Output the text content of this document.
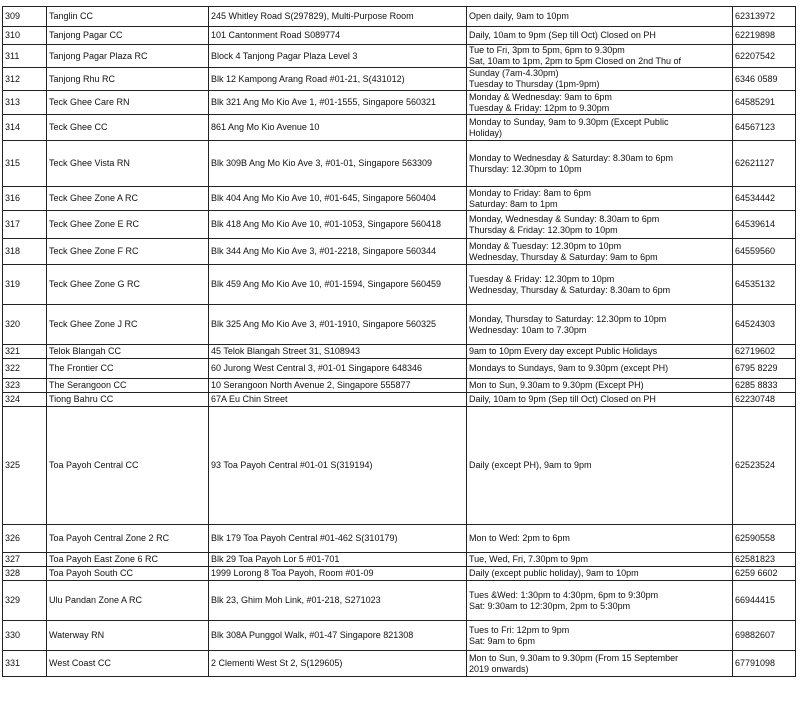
309	Tanglin CC	245 Whitley Road S(297829), Multi-Purpose Room	Open daily, 9am to 10pm	62313972
310	Tanjong Pagar CC	101 Cantonment Road S089774	Daily, 10am to 9pm (Sep till Oct) Closed on PH	62219898
311	Tanjong Pagar Plaza RC	Block 4 Tanjong Pagar Plaza Level 3	Tue to Fri, 3pm to 5pm, 6pm to 9.30pm
Sat, 10am to 1pm, 2pm to 5pm Closed on 2nd Thu of	62207542
312	Tanjong Rhu RC	Blk 12 Kampong Arang Road #01-21, S(431012)	Sunday (7am-4.30pm)
Tuesday to Thursday (1pm-9pm)	6346 0589
313	Teck Ghee Care RN	Blk 321 Ang Mo Kio Ave 1, #01-1555, Singapore 560321	Monday & Wednesday: 9am to 6pm
Tuesday & Friday: 12pm to 9.30pm	64585291
314	Teck Ghee CC	861 Ang Mo Kio Avenue 10	Monday to Sunday, 9am to 9.30pm (Except Public
Holiday)	64567123
315	Teck Ghee Vista RN	Blk 309B Ang Mo Kio Ave 3, #01-01, Singapore 563309	Monday to Wednesday & Saturday: 8.30am to 6pm
Thursday: 12.30pm to 10pm	62621127
316	Teck Ghee Zone A RC	Blk 404 Ang Mo Kio Ave 10, #01-645, Singapore 560404	Monday to Friday: 8am to 6pm
Saturday: 8am to 1pm	64534442
317	Teck Ghee Zone E RC	Blk 418 Ang Mo Kio Ave 10, #01-1053, Singapore 560418	Monday, Wednesday & Sunday: 8.30am to 6pm
Thursday & Friday: 12.30pm to 10pm	64539614
318	Teck Ghee Zone F RC	Blk 344 Ang Mo Kio Ave 3, #01-2218, Singapore 560344	Monday & Tuesday: 12.30pm to 10pm
Wednesday, Thursday & Saturday: 9am to 6pm	64559560
319	Teck Ghee Zone G RC	Blk 459 Ang Mo Kio Ave 10, #01-1594, Singapore 560459	Tuesday & Friday: 12.30pm to 10pm
Wednesday, Thursday & Saturday: 8.30am to 6pm	64535132
320	Teck Ghee Zone J RC	Blk 325 Ang Mo Kio Ave 3, #01-1910, Singapore 560325	Monday, Thursday to Saturday: 12.30pm to 10pm
Wednesday: 10am to 7.30pm	64524303
321	Telok Blangah CC	45 Telok Blangah Street 31, S108943	9am to 10pm Every day except Public Holidays	62719602
322	The Frontier CC	60 Jurong West Central 3, #01-01 Singapore 648346	Mondays to Sundays, 9am to 9.30pm (except PH)	6795 8229
323	The Serangoon CC	10 Serangoon North Avenue 2, Singapore 555877	Mon to Sun, 9.30am to 9.30pm (Except PH)	6285 8833
324	Tiong Bahru CC	67A Eu Chin Street	Daily, 10am to 9pm (Sep till Oct) Closed on PH	62230748
325	Toa Payoh Central CC	93 Toa Payoh Central #01-01 S(319194)	Daily (except PH), 9am to 9pm	62523524
326	Toa Payoh Central Zone 2 RC	Blk 179 Toa Payoh Central #01-462 S(310179)	Mon to Wed: 2pm to 6pm	62590558
327	Toa Payoh East Zone 6 RC	Blk 29 Toa Payoh Lor 5 #01-701	Tue, Wed, Fri, 7.30pm to 9pm	62581823
328	Toa Payoh South CC	1999 Lorong 8 Toa Payoh, Room #01-09	Daily (except public holiday), 9am to 10pm	6259 6602
329	Ulu Pandan Zone A RC	Blk 23, Ghim Moh Link, #01-218, S271023	Tues &Wed: 1:30pm to 4:30pm, 6pm to 9:30pm
Sat: 9:30am to 12:30pm, 2pm to 5:30pm	66944415
330	Waterway RN	Blk 308A Punggol Walk, #01-47 Singapore 821308	Tues to Fri: 12pm to 9pm
Sat: 9am to 6pm	69882607
331	West Coast CC	2 Clementi West St 2, S(129605)	Mon to Sun, 9.30am to 9.30pm (From 15 September
2019 onwards)	67791098
